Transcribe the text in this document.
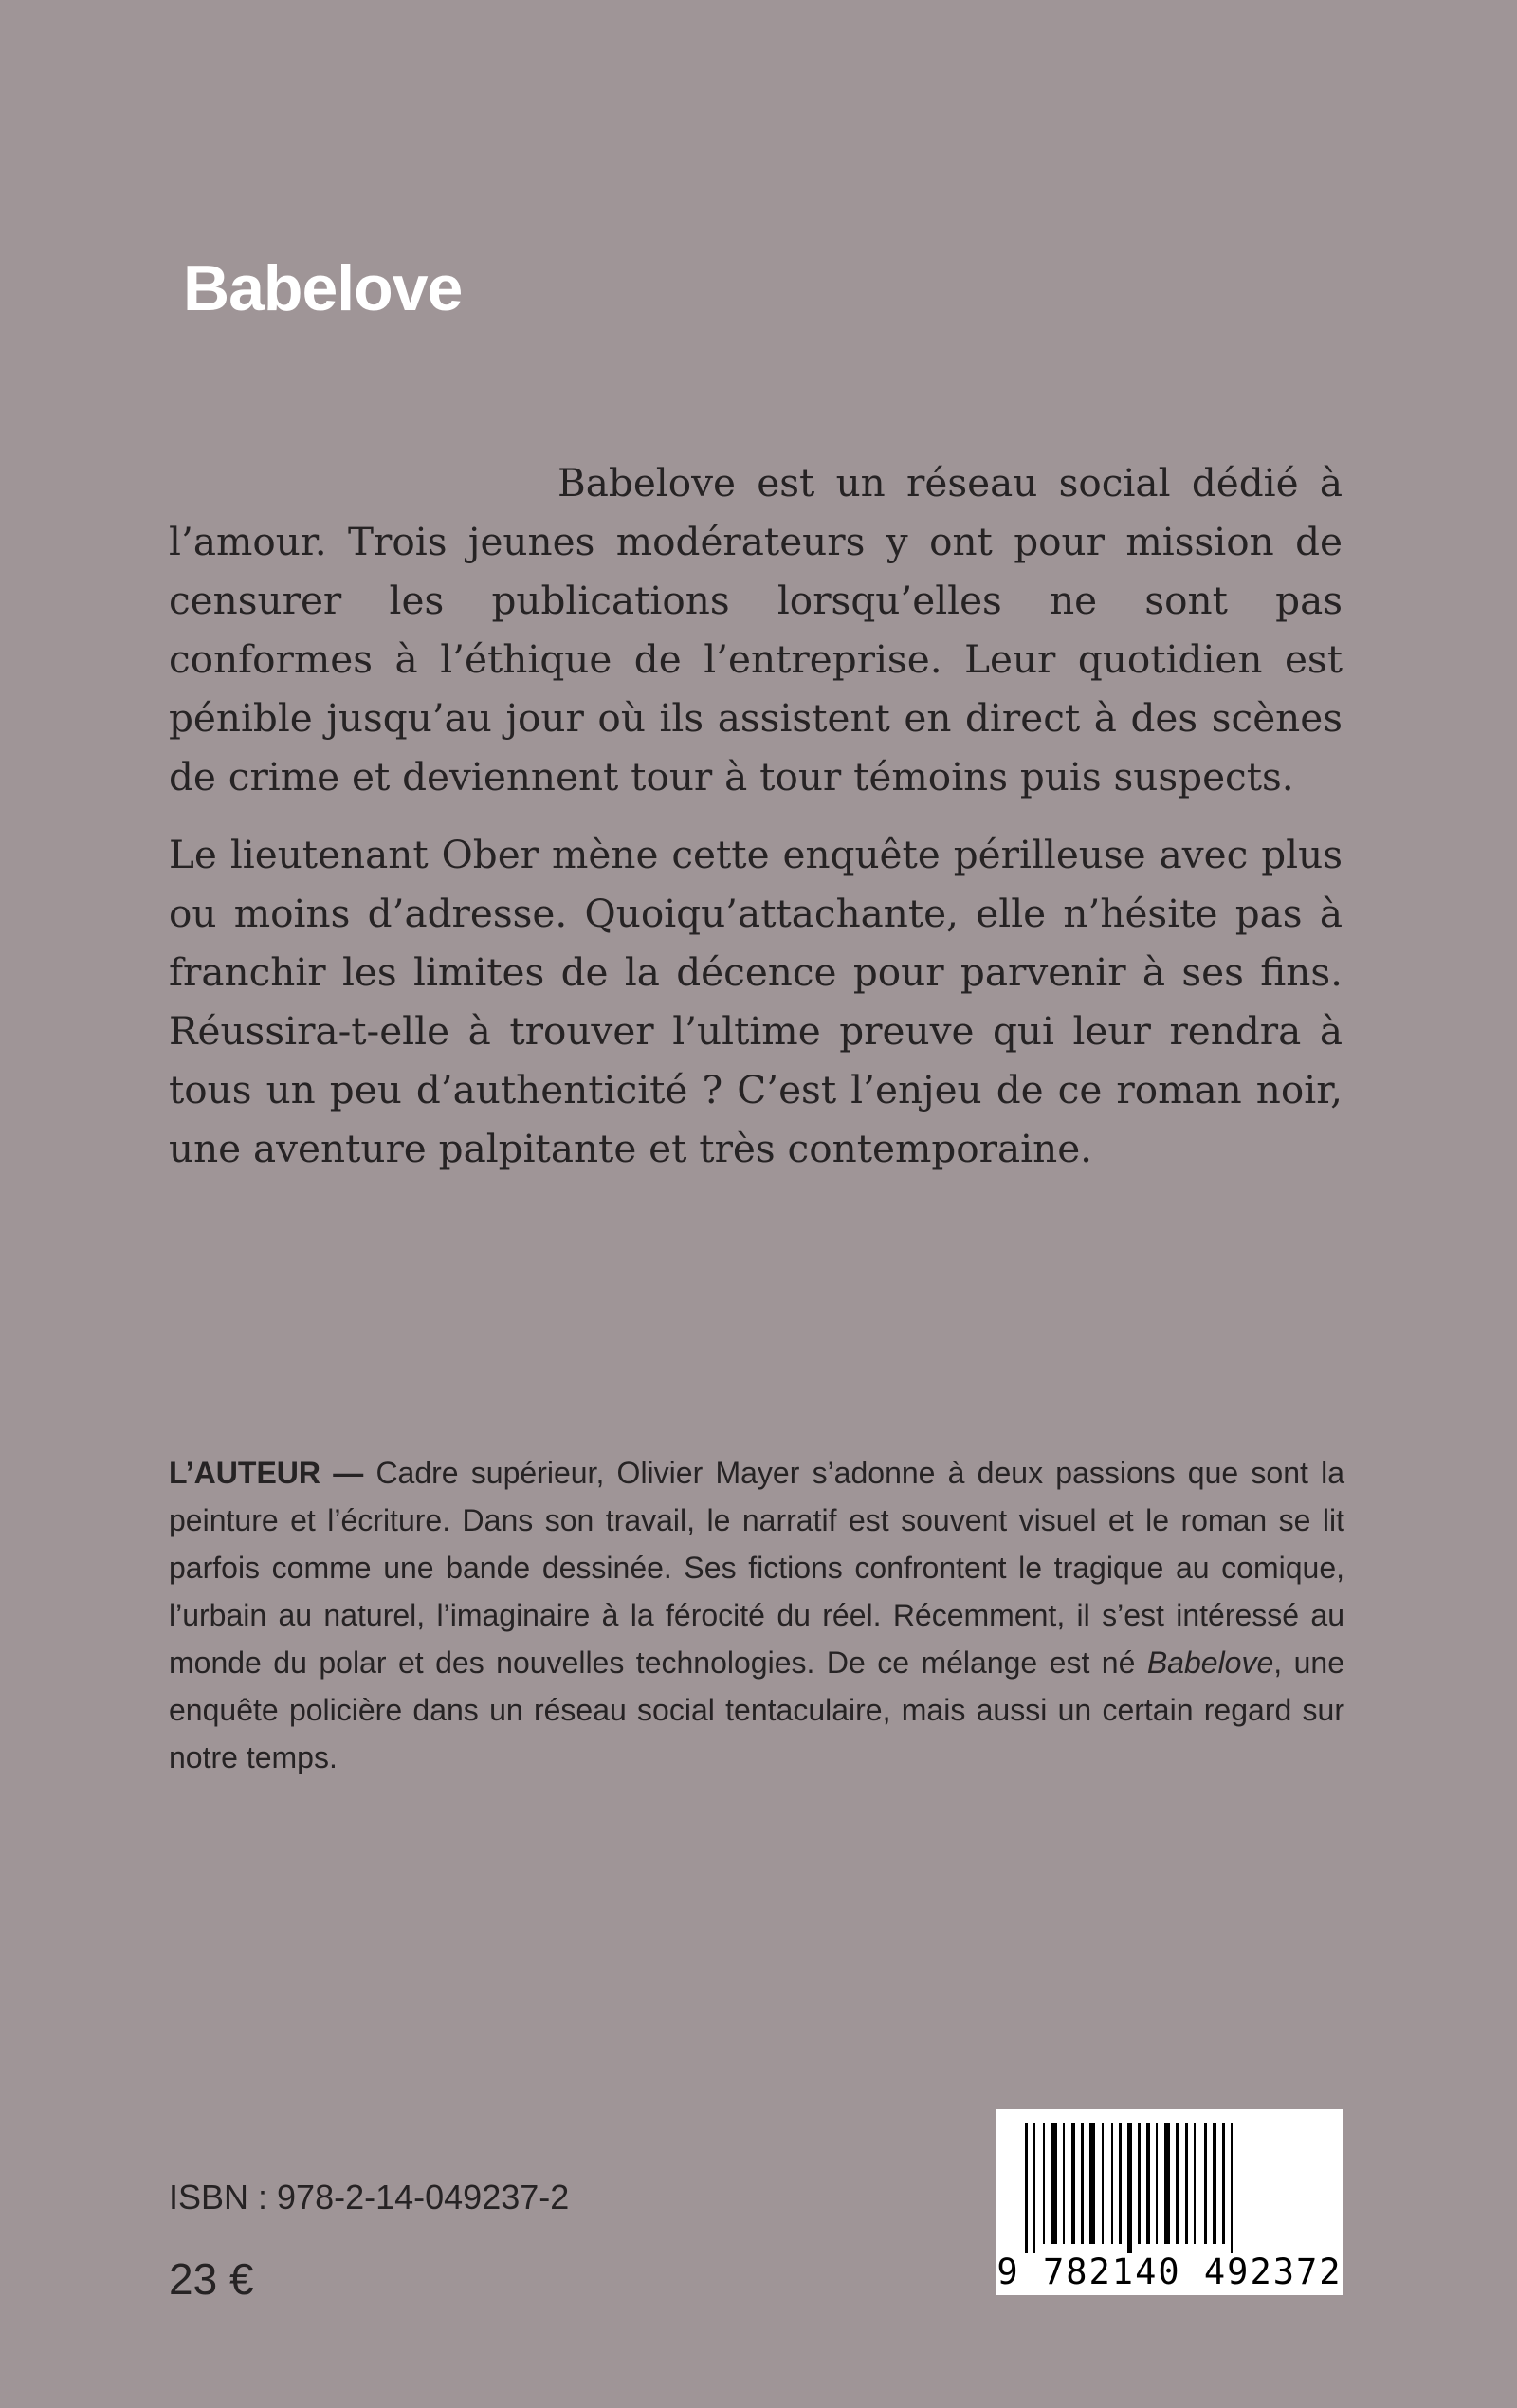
Babelove

Babelove est un réseau social dédié à l’amour. Trois jeunes modérateurs y ont pour mission de censurer les publications lorsqu’elles ne sont pas conformes à l’éthique de l’entreprise. Leur quotidien est pénible jusqu’au jour où ils assistent en direct à des scènes de crime et deviennent tour à tour témoins puis suspects.

Le lieutenant Ober mène cette enquête périlleuse avec plus ou moins d’adresse. Quoiqu’attachante, elle n’hésite pas à franchir les limites de la décence pour parvenir à ses fins. Réussira-t-elle à trouver l’ultime preuve qui leur rendra à tous un peu d’authenticité ? C’est l’enjeu de ce roman noir, une aventure palpitante et très contemporaine.

L’AUTEUR — Cadre supérieur, Olivier Mayer s’adonne à deux passions que sont la peinture et l’écriture. Dans son travail, le narratif est souvent visuel et le roman se lit parfois comme une bande dessinée. Ses fictions confrontent le tragique au comique, l’urbain au naturel, l’imaginaire à la férocité du réel. Récemment, il s’est intéressé au monde du polar et des nouvelles technologies. De ce mélange est né Babelove, une enquête policière dans un réseau social tentaculaire, mais aussi un certain regard sur notre temps.
ISBN : 978-2-14-049237-2
23 €	9 782140 492372
